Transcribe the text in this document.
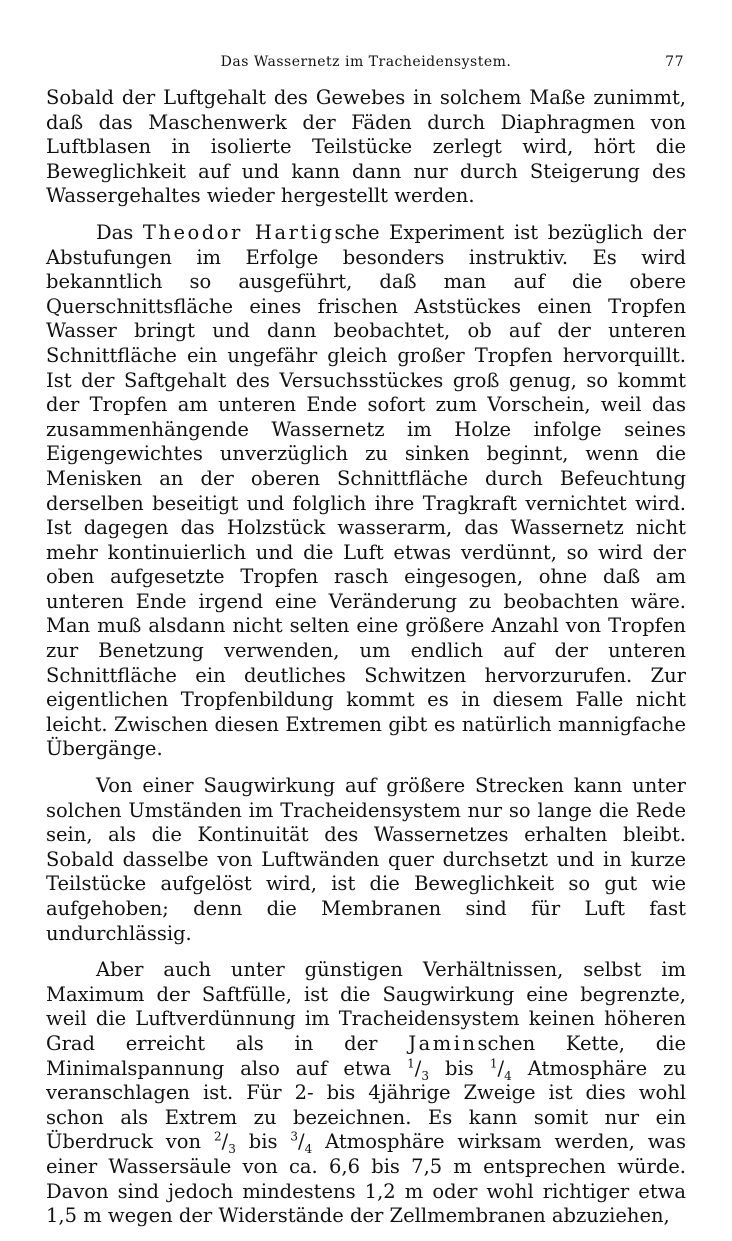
Das Wassernetz im Tracheidensystem.	77

Sobald der Luftgehalt des Gewebes in solchem Maße zunimmt, daß das Maschenwerk der Fäden durch Diaphragmen von Luftblasen in isolierte Teilstücke zerlegt wird, hört die Beweglichkeit auf und kann dann nur durch Steigerung des Wassergehaltes wieder hergestellt werden.

Das Theodor Hartigsche Experiment ist bezüglich der Abstufungen im Erfolge besonders instruktiv. Es wird bekanntlich so ausgeführt, daß man auf die obere Querschnittsfläche eines frischen Aststückes einen Tropfen Wasser bringt und dann beobachtet, ob auf der unteren Schnittfläche ein ungefähr gleich großer Tropfen hervorquillt. Ist der Saftgehalt des Versuchsstückes groß genug, so kommt der Tropfen am unteren Ende sofort zum Vorschein, weil das zusammenhängende Wassernetz im Holze infolge seines Eigengewichtes unverzüglich zu sinken beginnt, wenn die Menisken an der oberen Schnittfläche durch Befeuchtung derselben beseitigt und folglich ihre Tragkraft vernichtet wird. Ist dagegen das Holzstück wasserarm, das Wassernetz nicht mehr kontinuierlich und die Luft etwas verdünnt, so wird der oben aufgesetzte Tropfen rasch eingesogen, ohne daß am unteren Ende irgend eine Veränderung zu beobachten wäre. Man muß alsdann nicht selten eine größere Anzahl von Tropfen zur Benetzung verwenden, um endlich auf der unteren Schnittfläche ein deutliches Schwitzen hervorzurufen. Zur eigentlichen Tropfenbildung kommt es in diesem Falle nicht leicht. Zwischen diesen Extremen gibt es natürlich mannigfache Übergänge.

Von einer Saugwirkung auf größere Strecken kann unter solchen Umständen im Tracheidensystem nur so lange die Rede sein, als die Kontinuität des Wassernetzes erhalten bleibt. Sobald dasselbe von Luftwänden quer durchsetzt und in kurze Teilstücke aufgelöst wird, ist die Beweglichkeit so gut wie aufgehoben; denn die Membranen sind für Luft fast undurchlässig.

Aber auch unter günstigen Verhältnissen, selbst im Maximum der Saftfülle, ist die Saugwirkung eine begrenzte, weil die Luftverdünnung im Tracheidensystem keinen höheren Grad erreicht als in der Jaminschen Kette, die Minimalspannung also auf etwa $^1/_3$ bis $^1/_4$ Atmosphäre zu veranschlagen ist. Für 2- bis 4jährige Zweige ist dies wohl schon als Extrem zu bezeichnen. Es kann somit nur ein Überdruck von $^2/_3$ bis $^3/_4$ Atmosphäre wirksam werden, was einer Wassersäule von ca. 6,6 bis 7,5 m entsprechen würde. Davon sind jedoch mindestens 1,2 m oder wohl richtiger etwa 1,5 m wegen der Widerstände der Zellmembranen abzuziehen,
